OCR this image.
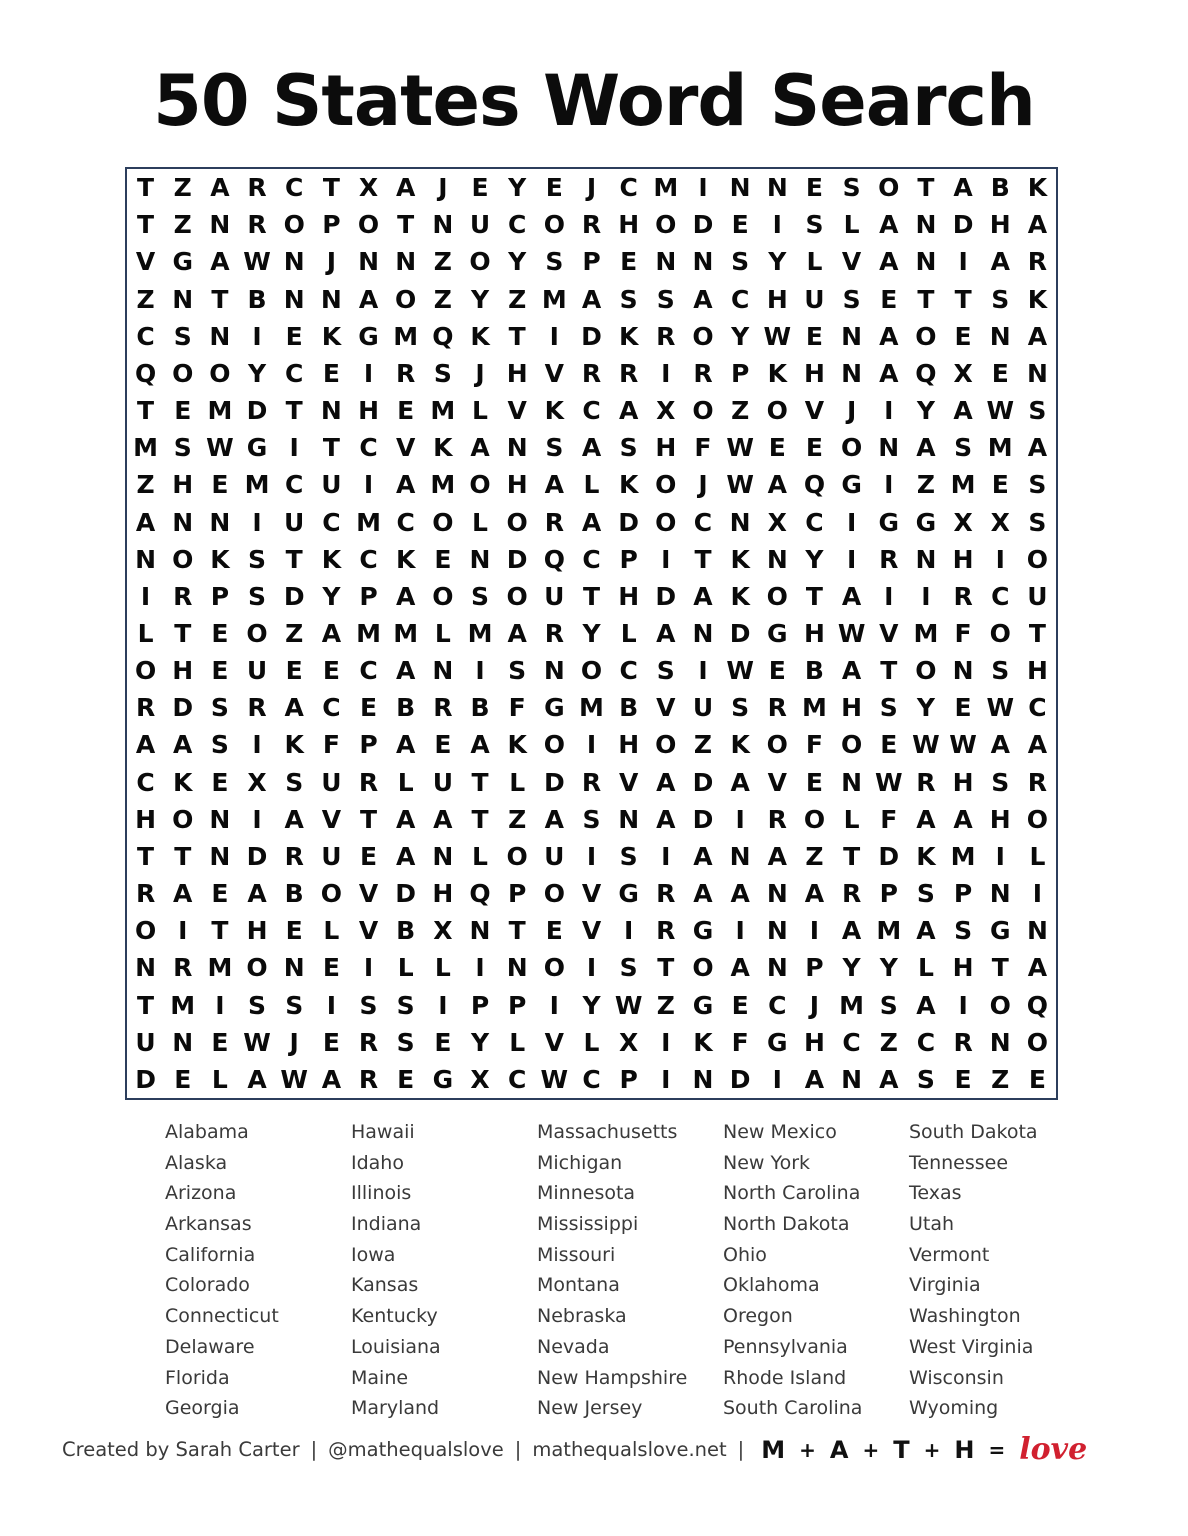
50 States Word Search
T Z A R C T X A J E Y E J C M I N N E S O T A B K
T Z N R O P O T N U C O R H O D E I S L A N D H A
V G A W N J N N Z O Y S P E N N S Y L V A N I A R
Z N T B N N A O Z Y Z M A S S A C H U S E T T S K
C S N I E K G M Q K T I D K R O Y W E N A O E N A
Q O O Y C E I R S J H V R R I R P K H N A Q X E N
T E M D T N H E M L V K C A X O Z O V J	I Y A W S
M S W G I T C V K A N S A S H F W E E O N A S M A
Z H E M C U I A M O H A L K O J W A Q G I Z M E S
A N N I U C M C O L O R A D O C N X C I G G X X S
N O K S T K C K E N D Q C P I T K N Y I R N H I O
I R P S D Y P A O S O U T H D A K O T A I	I R C U
L T E O Z A M M L M A R Y L A N D G H W V M F O T
O H E U E E C A N I S N O C S I W E B A T O N S H
R D S R A C E B R B F G M B V U S R M H S Y E W C
A A S I K F P A E A K O I H O Z K O F O E W W A A
C K E X S U R L U T L D R V A D A V E N W R H S R
H O N I A V T A A T Z A S N A D I R O L F A A H O
T T N D R U E A N L O U I S I A N A Z T D K M I L
R A E A B O V D H Q P O V G R A A N A R P S P N I
O I T H E L V B X N T E V I R G I N I A M A S G N
N R M O N E I L L I N O I S T O A N P Y Y L H T A
T M I S S I S S I P P I Y W Z G E C J M S A I O Q
U N E W J E R S E Y L V L X I K F G H C Z C R N O
D E L A W A R E G X C W C P I N D I A N A S E Z E
Alabama
Alaska
Arizona
Arkansas
California
Colorado
Connecticut
Delaware
Florida
Georgia
Hawaii
Idaho
Illinois
Indiana
Iowa
Kansas
Kentucky
Louisiana
Maine
Maryland
Massachusetts
Michigan
Minnesota
Mississippi
Missouri
Montana
Nebraska
Nevada
New Hampshire
New Jersey
New Mexico
New York
North Carolina
North Dakota
Ohio
Oklahoma
Oregon
Pennsylvania
Rhode Island
South Carolina
South Dakota
Tennessee
Texas
Utah
Vermont
Virginia
Washington
West Virginia
Wisconsin
Wyoming
Created by Sarah Carter | @mathequalslove | mathequalslove.net | M + A + T + H = love
